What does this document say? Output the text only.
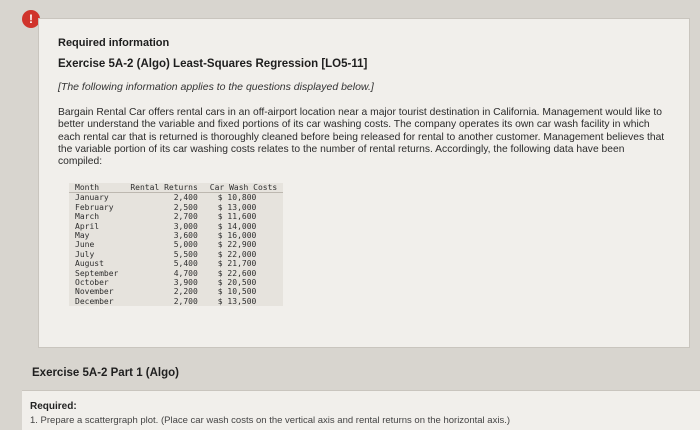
!
Required information
Exercise 5A-2 (Algo) Least-Squares Regression [LO5-11]
[The following information applies to the questions displayed below.]

Bargain Rental Car offers rental cars in an off-airport location near a major tourist destination in California. Management would like to better understand the variable and fixed portions of its car washing costs. The company operates its own car wash facility in which each rental car that is returned is thoroughly cleaned before being released for rental to another customer. Management believes that the variable portion of its car washing costs relates to the number of rental returns. Accordingly, the following data have been compiled:

Month	Rental Returns	Car Wash Costs
January	2,400	$ 10,800
February	2,500	$ 13,000
March	2,700	$ 11,600
April	3,000	$ 14,000
May	3,600	$ 16,000
June	5,000	$ 22,900
July	5,500	$ 22,000
August	5,400	$ 21,700
September	4,700	$ 22,600
October	3,900	$ 20,500
November	2,200	$ 10,500
December	2,700	$ 13,500
Exercise 5A-2 Part 1 (Algo)
Required:
1. Prepare a scattergraph plot. (Place car wash costs on the vertical axis and rental returns on the horizontal axis.)
